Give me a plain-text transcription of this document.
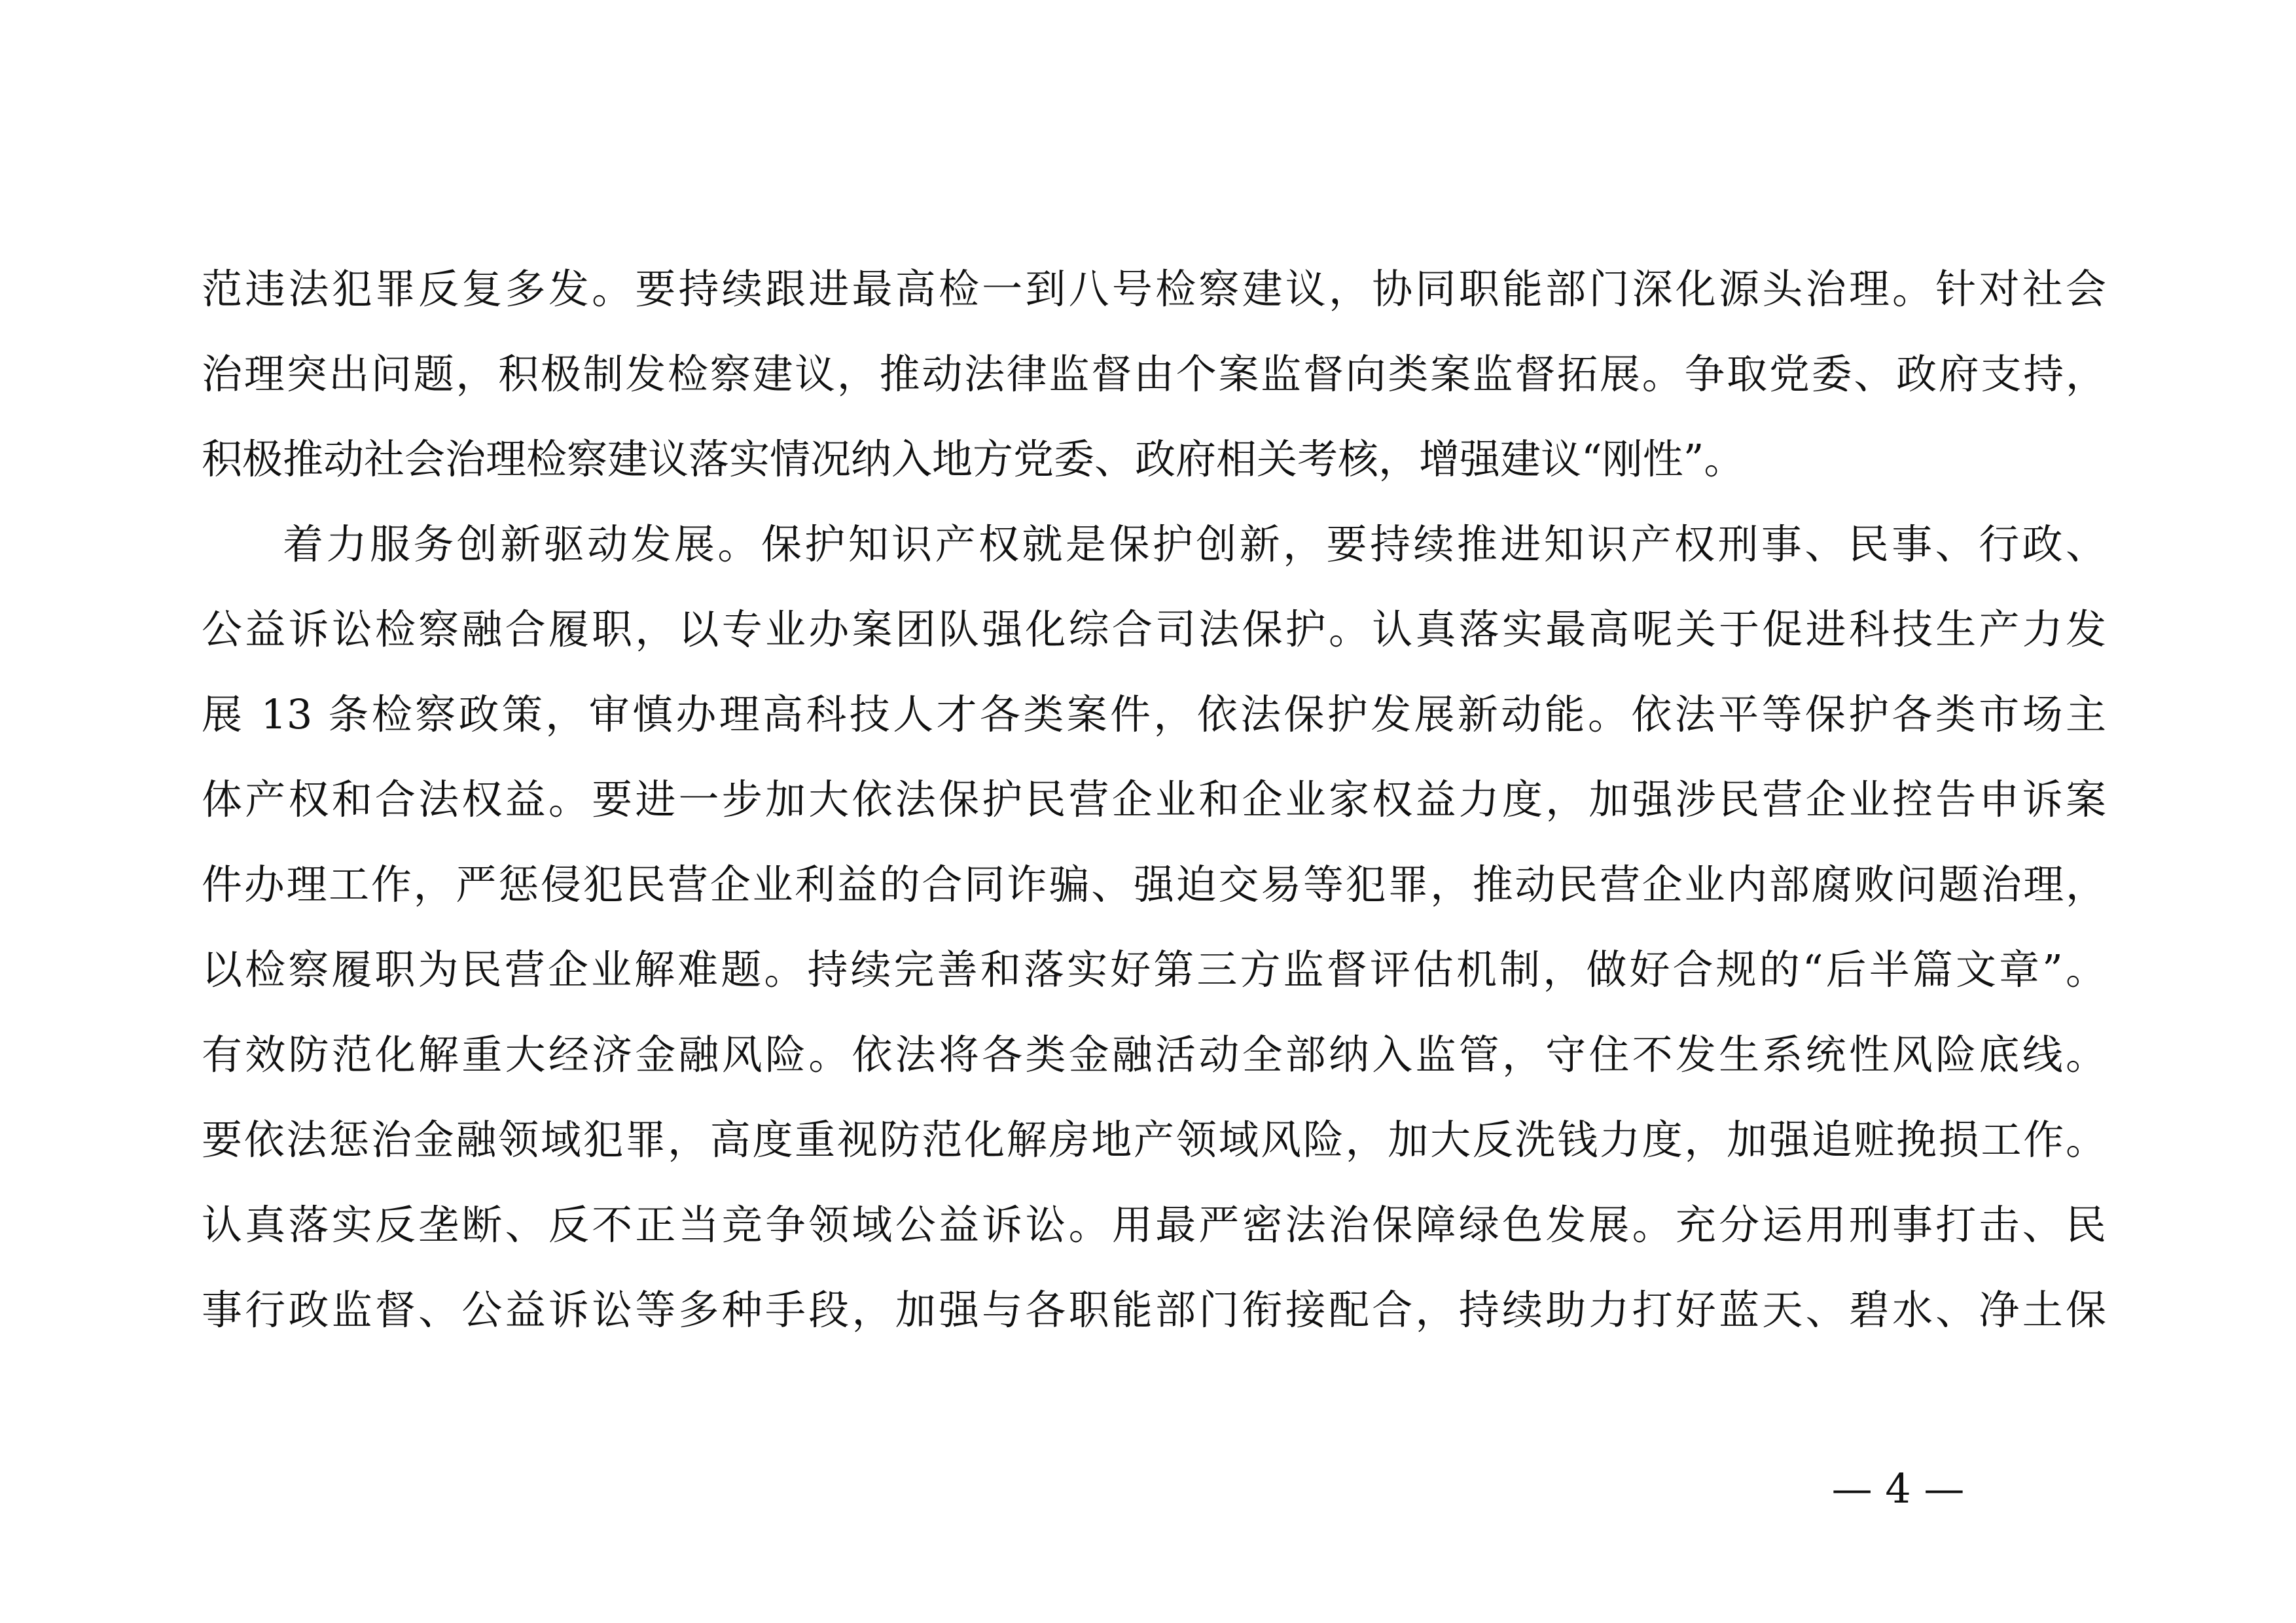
范违法犯罪反复多发。要持续跟进最高检一到八号检察建议，协同职能部门深化源头治理。针对社会
治理突出问题，积极制发检察建议，推动法律监督由个案监督向类案监督拓展。争取党委、政府支持，
积极推动社会治理检察建议落实情况纳入地方党委、政府相关考核，增强建议“刚性”。
着力服务创新驱动发展。保护知识产权就是保护创新，要持续推进知识产权刑事、民事、行政、
公益诉讼检察融合履职，以专业办案团队强化综合司法保护。认真落实最高呢关于促进科技生产力发
展 13 条检察政策，审慎办理高科技人才各类案件，依法保护发展新动能。依法平等保护各类市场主
体产权和合法权益。要进一步加大依法保护民营企业和企业家权益力度，加强涉民营企业控告申诉案
件办理工作，严惩侵犯民营企业利益的合同诈骗、强迫交易等犯罪，推动民营企业内部腐败问题治理，
以检察履职为民营企业解难题。持续完善和落实好第三方监督评估机制，做好合规的“后半篇文章”。
有效防范化解重大经济金融风险。依法将各类金融活动全部纳入监管，守住不发生系统性风险底线。
要依法惩治金融领域犯罪，高度重视防范化解房地产领域风险，加大反洗钱力度，加强追赃挽损工作。
认真落实反垄断、反不正当竞争领域公益诉讼。用最严密法治保障绿色发展。充分运用刑事打击、民
事行政监督、公益诉讼等多种手段，加强与各职能部门衔接配合，持续助力打好蓝天、碧水、净土保
— 4 —
